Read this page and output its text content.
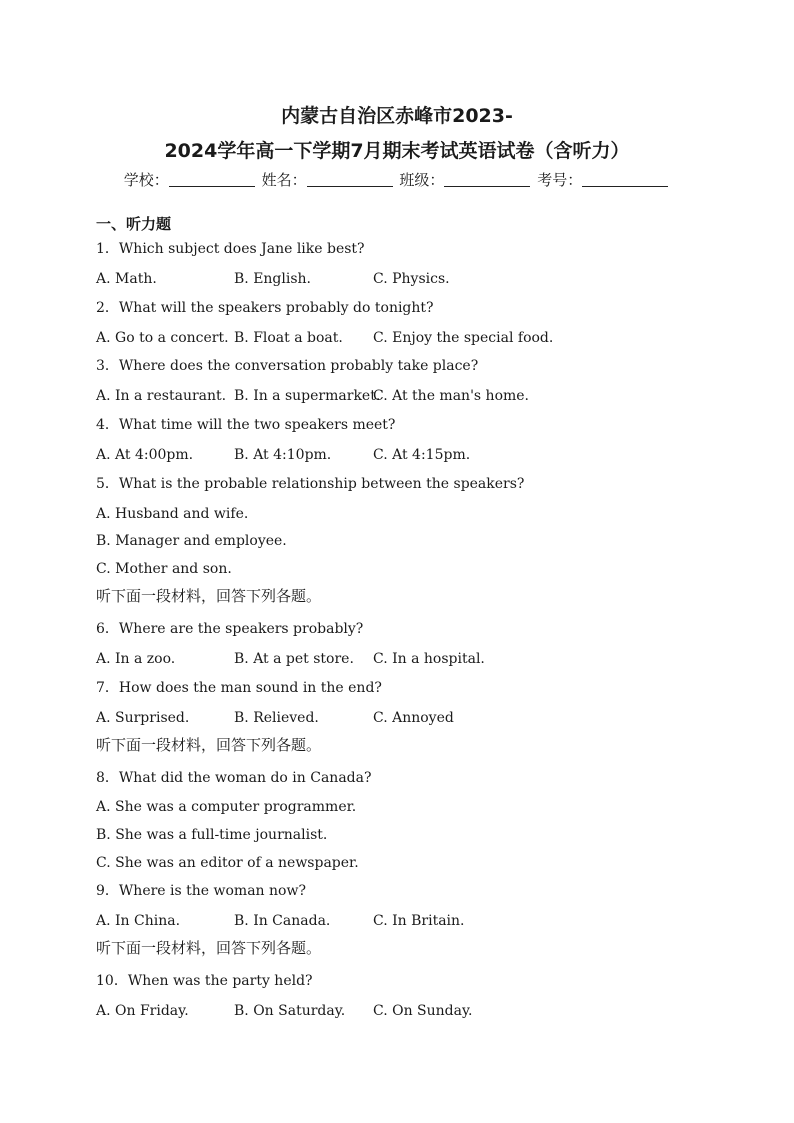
内蒙古自治区赤峰市2023-
2024学年高一下学期7月期末考试英语试卷（含听力）
学校：	姓名：	班级：	考号：
一、听力题
1．Which subject does Jane like best?
A. Math.	B. English.	C. Physics.
2．What will the speakers probably do tonight?
A. Go to a concert. B. Float a boat. C. Enjoy the special food.
3．Where does the conversation probably take place?
A. In a restaurant. B. In a supermarket.
C. At the man's home.
4．What time will the two speakers meet?
A. At 4:00pm.	B. At 4:10pm.	C. At 4:15pm.
5．What is the probable relationship between the speakers?
A. Husband and wife.
B. Manager and employee.
C. Mother and son.
听下面一段材料，回答下列各题。
6．Where are the speakers probably?
A. In a zoo.	B. At a pet store. C. In a hospital.
7．How does the man sound in the end?
A. Surprised.	B. Relieved.	C. Annoyed
听下面一段材料，回答下列各题。
8．What did the woman do in Canada?
A. She was a computer programmer.
B. She was a full-time journalist.
C. She was an editor of a newspaper.
9．Where is the woman now?
A. In China.	B. In Canada.	C. In Britain.
听下面一段材料，回答下列各题。
10．When was the party held?
A. On Friday.	B. On Saturday. C. On Sunday.
